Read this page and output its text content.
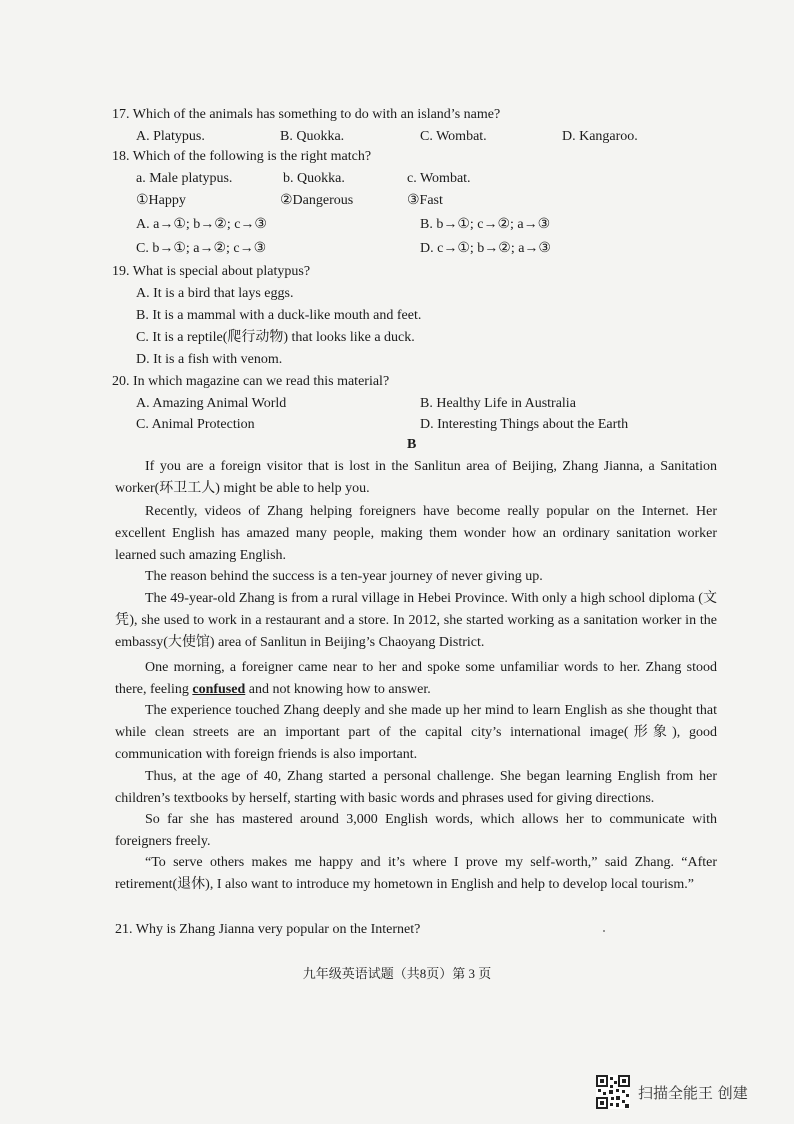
17. Which of the animals has something to do with an island’s name?
A. Platypus.	B. Quokka.	C. Wombat.	D. Kangaroo.
18. Which of the following is the right match?
a. Male platypus.	b. Quokka.	c. Wombat.
①Happy	②Dangerous	③Fast
A. a→①; b→②; c→③	B. b→①; c→②; a→③
C. b→①; a→②; c→③	D. c→①; b→②; a→③
19. What is special about platypus?
A. It is a bird that lays eggs.
B. It is a mammal with a duck-like mouth and feet.
C. It is a reptile(爬行动物) that looks like a duck.
D. It is a fish with venom.
20. In which magazine can we read this material?
A. Amazing Animal World	B. Healthy Life in Australia
C. Animal Protection	D. Interesting Things about the Earth
B
If you are a foreign visitor that is lost in the Sanlitun area of Beijing, Zhang Jianna, a Sanitation worker(环卫工人) might be able to help you.
Recently, videos of Zhang helping foreigners have become really popular on the Internet. Her excellent English has amazed many people, making them wonder how an ordinary sanitation worker learned such amazing English.
The reason behind the success is a ten-year journey of never giving up.
The 49-year-old Zhang is from a rural village in Hebei Province. With only a high school diploma (文凭), she used to work in a restaurant and a store. In 2012, she started working as a sanitation worker in the embassy(大使馆) area of Sanlitun in Beijing’s Chaoyang District.
One morning, a foreigner came near to her and spoke some unfamiliar words to her. Zhang stood there, feeling confused and not knowing how to answer.
The experience touched Zhang deeply and she made up her mind to learn English as she thought that while clean streets are an important part of the capital city’s international image(形象), good communication with foreign friends is also important.
Thus, at the age of 40, Zhang started a personal challenge. She began learning English from her children’s textbooks by herself, starting with basic words and phrases used for giving directions.
So far she has mastered around 3,000 English words, which allows her to communicate with foreigners freely.
“To serve others makes me happy and it’s where I prove my self-worth,” said Zhang. “After retirement(退休), I also want to introduce my hometown in English and help to develop local tourism.”
21. Why is Zhang Jianna very popular on the Internet?
九年级英语试题（共8页）第 3 页
扫描全能王 创建
